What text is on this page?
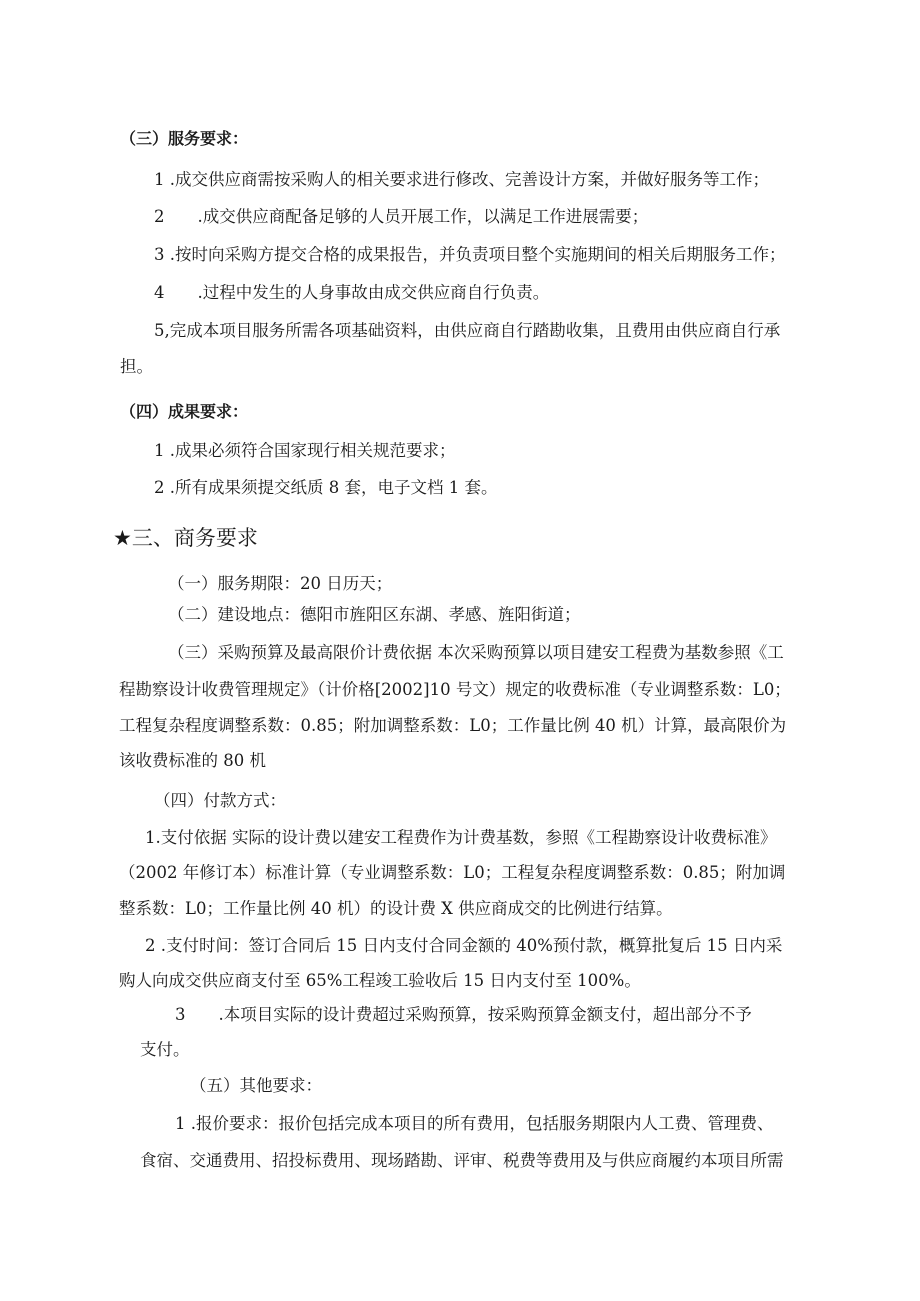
（三）服务要求：
1 .成交供应商需按采购人的相关要求进行修改、完善设计方案，并做好服务等工作；
2　　.成交供应商配备足够的人员开展工作，以满足工作进展需要；
3 .按时向采购方提交合格的成果报告，并负责项目整个实施期间的相关后期服务工作；
4　　.过程中发生的人身事故由成交供应商自行负责。
5,完成本项目服务所需各项基础资料，由供应商自行踏勘收集，且费用由供应商自行承
担。
（四）成果要求：
1 .成果必须符合国家现行相关规范要求；
2 .所有成果须提交纸质 8 套，电子文档 1 套。
★三、商务要求
（一）服务期限：20 日历天；
（二）建设地点：德阳市旌阳区东湖、孝感、旌阳街道；
（三）采购预算及最高限价计费依据 本次采购预算以项目建安工程费为基数参照《工
程勘察设计收费管理规定》（计价格[2002]10 号文）规定的收费标准（专业调整系数：L0；
工程复杂程度调整系数：0.85；附加调整系数：L0；工作量比例 40 机）计算，最高限价为
该收费标准的 80 机
（四）付款方式：
1.支付依据 实际的设计费以建安工程费作为计费基数，参照《工程勘察设计收费标准》
（2002 年修订本）标准计算（专业调整系数：L0；工程复杂程度调整系数：0.85；附加调
整系数：L0；工作量比例 40 机）的设计费 X 供应商成交的比例进行结算。
2 .支付时间：签订合同后 15 日内支付合同金额的 40%预付款，概算批复后 15 日内采
购人向成交供应商支付至 65%工程竣工验收后 15 日内支付至 100%。
3　　.本项目实际的设计费超过采购预算，按采购预算金额支付，超出部分不予
支付。
（五）其他要求：
1 .报价要求：报价包括完成本项目的所有费用，包括服务期限内人工费、管理费、
食宿、交通费用、招投标费用、现场踏勘、评审、税费等费用及与供应商履约本项目所需
